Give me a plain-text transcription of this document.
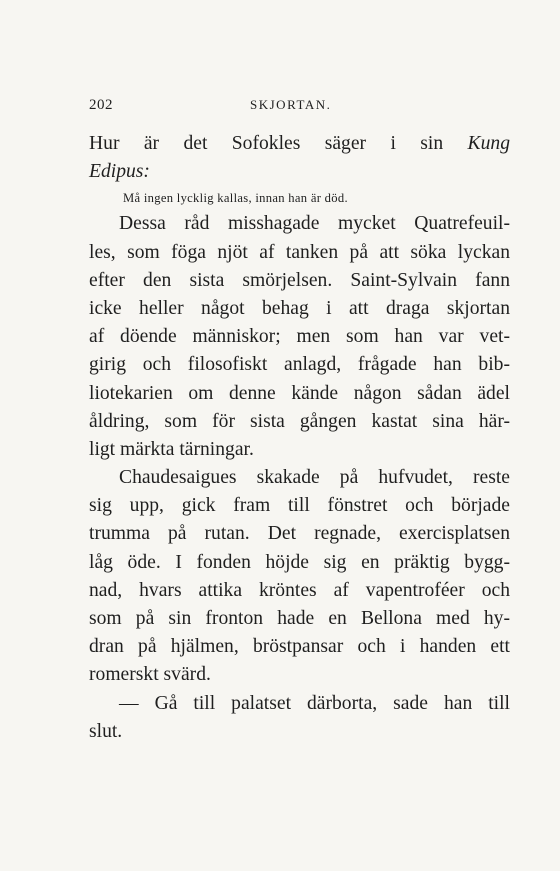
202	SKJORTAN.
Hur är det Sofokles säger i sin Kung
Edipus:
Må ingen lycklig kallas, innan han är död.
Dessa råd misshagade mycket Quatrefeuil-
les, som föga njöt af tanken på att söka lyckan
efter den sista smörjelsen. Saint-Sylvain fann
icke heller något behag i att draga skjortan
af döende människor; men som han var vet-
girig och filosofiskt anlagd, frågade han bib-
liotekarien om denne kände någon sådan ädel
åldring, som för sista gången kastat sina här-
ligt märkta tärningar.
Chaudesaigues skakade på hufvudet, reste
sig upp, gick fram till fönstret och började
trumma på rutan. Det regnade, exercisplatsen
låg öde. I fonden höjde sig en präktig bygg-
nad, hvars attika kröntes af vapentroféer och
som på sin fronton hade en Bellona med hy-
dran på hjälmen, bröstpansar och i handen ett
romerskt svärd.
— Gå till palatset därborta, sade han till
slut.
